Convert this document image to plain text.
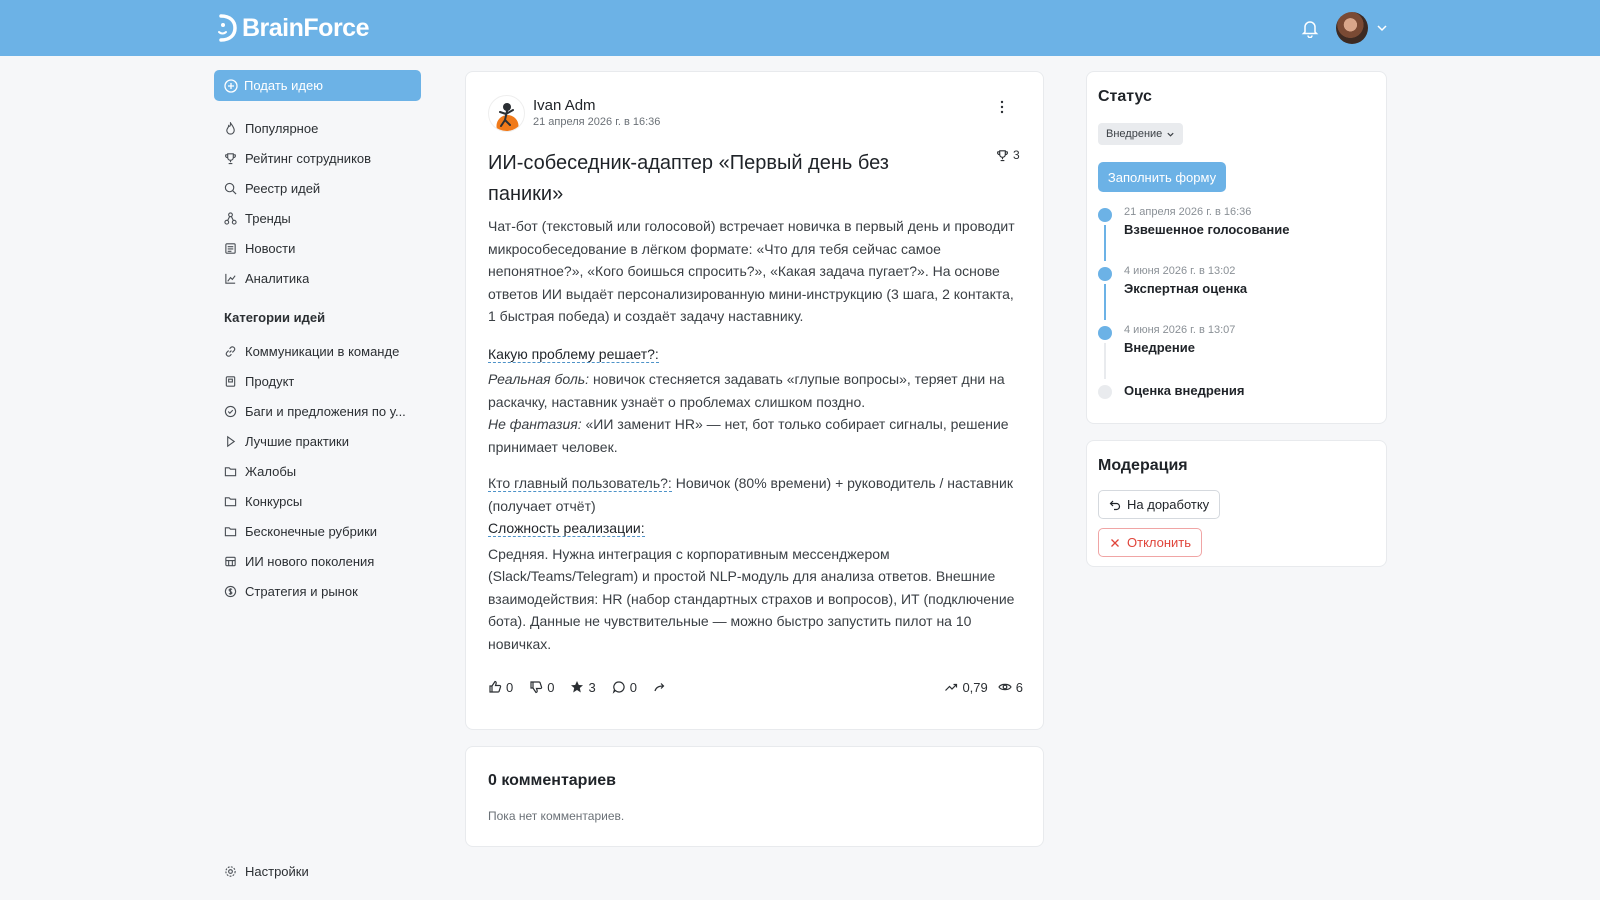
BrainForce
Подать идею
Популярное
Рейтинг сотрудников
Реестр идей
Тренды
Новости
Аналитика
Категории идей
Коммуникации в команде
Продукт
Баги и предложения по у...
Лучшие практики
Жалобы
Конкурсы
Бесконечные рубрики
ИИ нового поколения
Стратегия и рынок
Настройки
Ivan Adm
21 апреля 2026 г. в 16:36
3
ИИ-собеседник-адаптер «Первый день без паники»

Чат-бот (текстовый или голосовой) встречает новичка в первый день и проводит микрособеседование в лёгком формате: «Что для тебя сейчас самое непонятное?», «Кого боишься спросить?», «Какая задача пугает?». На основе ответов ИИ выдаёт персонализированную мини-инструкцию (3 шага, 2 контакта, 1 быстрая победа) и создаёт задачу наставнику.

Какую проблему решает?:

Реальная боль: новичок стесняется задавать «глупые вопросы», теряет дни на раскачку, наставник узнаёт о проблемах слишком поздно.

Не фантазия: «ИИ заменит HR» — нет, бот только собирает сигналы, решение принимает человек.

Кто главный пользователь?: Новичок (80% времени) + руководитель / наставник (получает отчёт)

Сложность реализации:

Средняя. Нужна интеграция с корпоративным мессенджером (Slack/Teams/Telegram) и простой NLP-модуль для анализа ответов. Внешние взаимодействия: HR (набор стандартных страхов и вопросов), ИТ (подключение бота). Данные не чувствительные — можно быстро запустить пилот на 10 новичках.

0	0	3	0	0,79 6
0 комментариев
Пока нет комментариев.
Статус
Внедрение
Заполнить форму
21 апреля 2026 г. в 16:36
Взвешенное голосование
4 июня 2026 г. в 13:02
Экспертная оценка
4 июня 2026 г. в 13:07
Внедрение
Оценка внедрения
Модерация
На доработку
Отклонить
